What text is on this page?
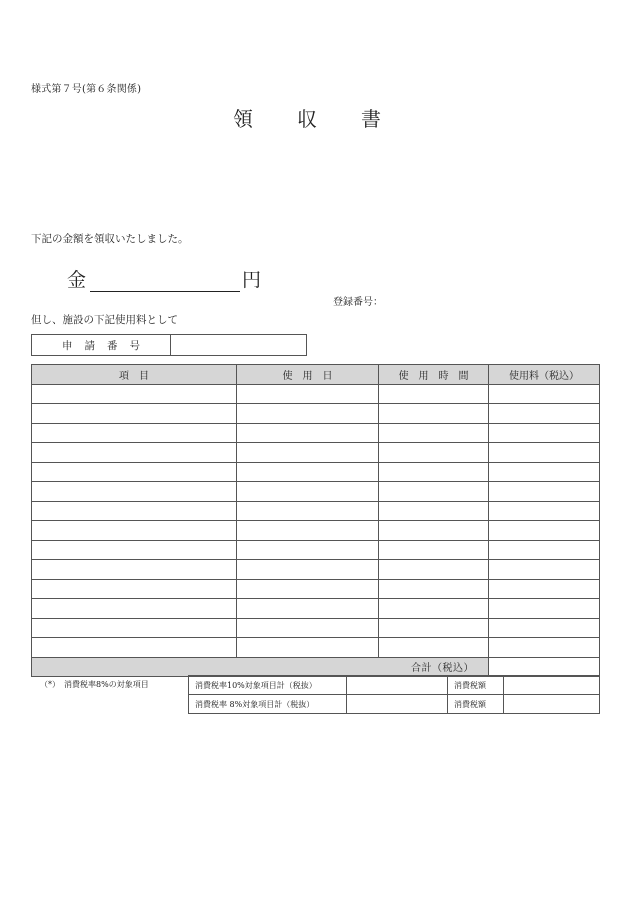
様式第７号(第６条関係)
領収書
下記の金額を領収いたしました。
金	円
登録番号：
但し、施設の下記使用料として
申請番号
項目	使用日	使用時間	使用料（税込）

合計（税込）			
（*）　消費税率8%の対象項目	消費税率10%対象項目計（税抜）		消費税額	
消費税率 8%対象項目計（税抜）		消費税額	
